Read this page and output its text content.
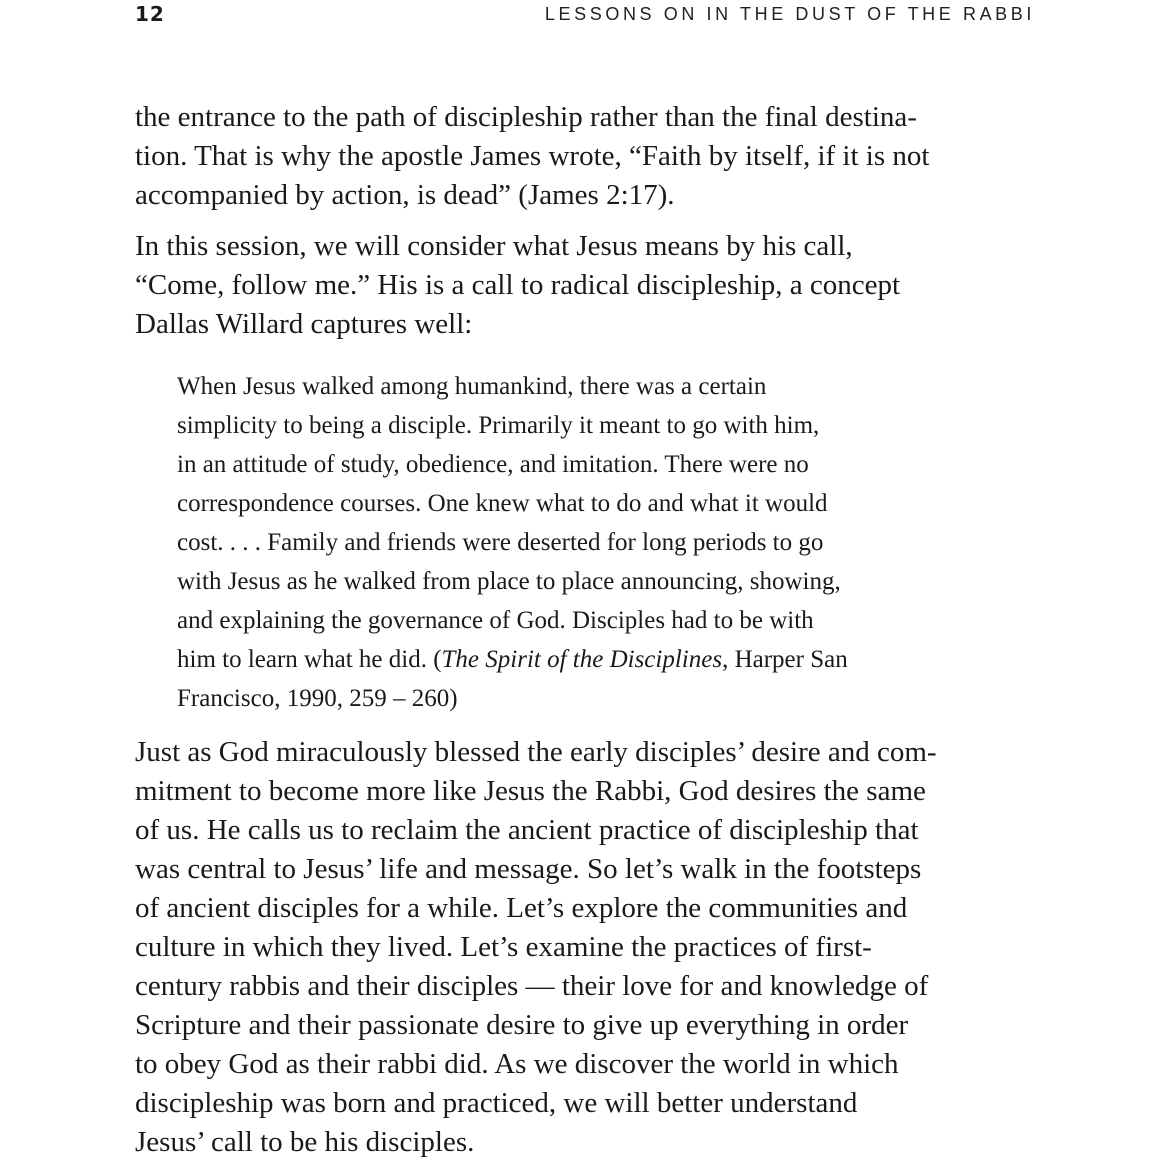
12	LESSONS ON IN THE DUST OF THE RABBI

the entrance to the path of discipleship rather than the final destina-
tion. That is why the apostle James wrote, “Faith by itself, if it is not
accompanied by action, is dead” (James 2:17).

In this session, we will consider what Jesus means by his call,
“Come, follow me.” His is a call to radical discipleship, a concept
Dallas Willard captures well:

When Jesus walked among humankind, there was a certain
simplicity to being a disciple. Primarily it meant to go with him,
in an attitude of study, obedience, and imitation. There were no
correspondence courses. One knew what to do and what it would
cost. . . . Family and friends were deserted for long periods to go
with Jesus as he walked from place to place announcing, showing,
and explaining the governance of God. Disciples had to be with
him to learn what he did. (The Spirit of the Disciplines, Harper San
Francisco, 1990, 259 – 260)

Just as God miraculously blessed the early disciples’ desire and com-
mitment to become more like Jesus the Rabbi, God desires the same
of us. He calls us to reclaim the ancient practice of discipleship that
was central to Jesus’ life and message. So let’s walk in the footsteps
of ancient disciples for a while. Let’s explore the communities and
culture in which they lived. Let’s examine the practices of first-
century rabbis and their disciples — their love for and knowledge of
Scripture and their passionate desire to give up everything in order
to obey God as their rabbi did. As we discover the world in which
discipleship was born and practiced, we will better understand
Jesus’ call to be his disciples.
